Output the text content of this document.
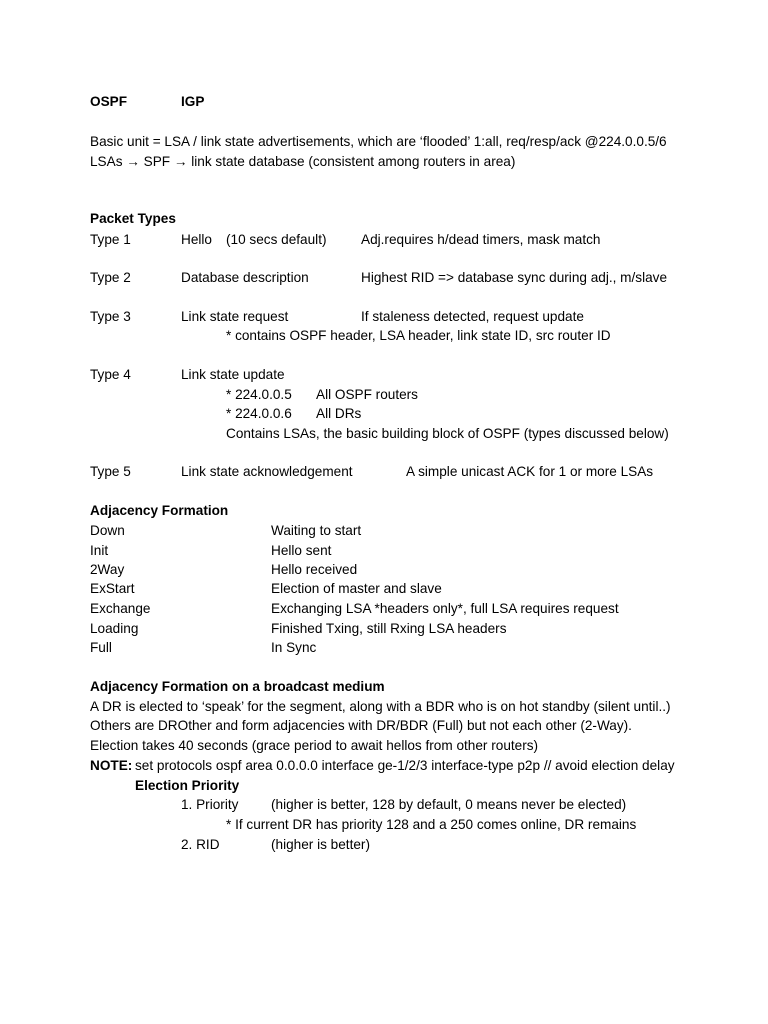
OSPF	IGP
Basic unit = LSA / link state advertisements, which are ‘flooded’ 1:all, req/resp/ack @224.0.0.5/6
LSAs → SPF → link state database (consistent among routers in area)
Packet Types
Type 1	Hello (10 secs default)	Adj.requires h/dead timers, mask match
Type 2	Database description	Highest RID => database sync during adj., m/slave
Type 3	Link state request	If staleness detected, request update
* contains OSPF header, LSA header, link state ID, src router ID
Type 4	Link state update
* 224.0.0.5 All OSPF routers
* 224.0.0.6 All DRs
Contains LSAs, the basic building block of OSPF (types discussed below)
Type 5	Link state acknowledgement	A simple unicast ACK for 1 or more LSAs
Adjacency Formation
Down	Waiting to start
Init	Hello sent
2Way	Hello received
ExStart	Election of master and slave
Exchange	Exchanging LSA *headers only*, full LSA requires request
Loading	Finished Txing, still Rxing LSA headers
Full	In Sync
Adjacency Formation on a broadcast medium
A DR is elected to ‘speak’ for the segment, along with a BDR who is on hot standby (silent until..)
Others are DROther and form adjacencies with DR/BDR (Full) but not each other (2-Way).
Election takes 40 seconds (grace period to await hellos from other routers)
NOTE: set protocols ospf area 0.0.0.0 interface ge-1/2/3 interface-type p2p // avoid election delay
Election Priority
1. Priority (higher is better, 128 by default, 0 means never be elected)
* If current DR has priority 128 and a 250 comes online, DR remains
2. RID	(higher is better)
